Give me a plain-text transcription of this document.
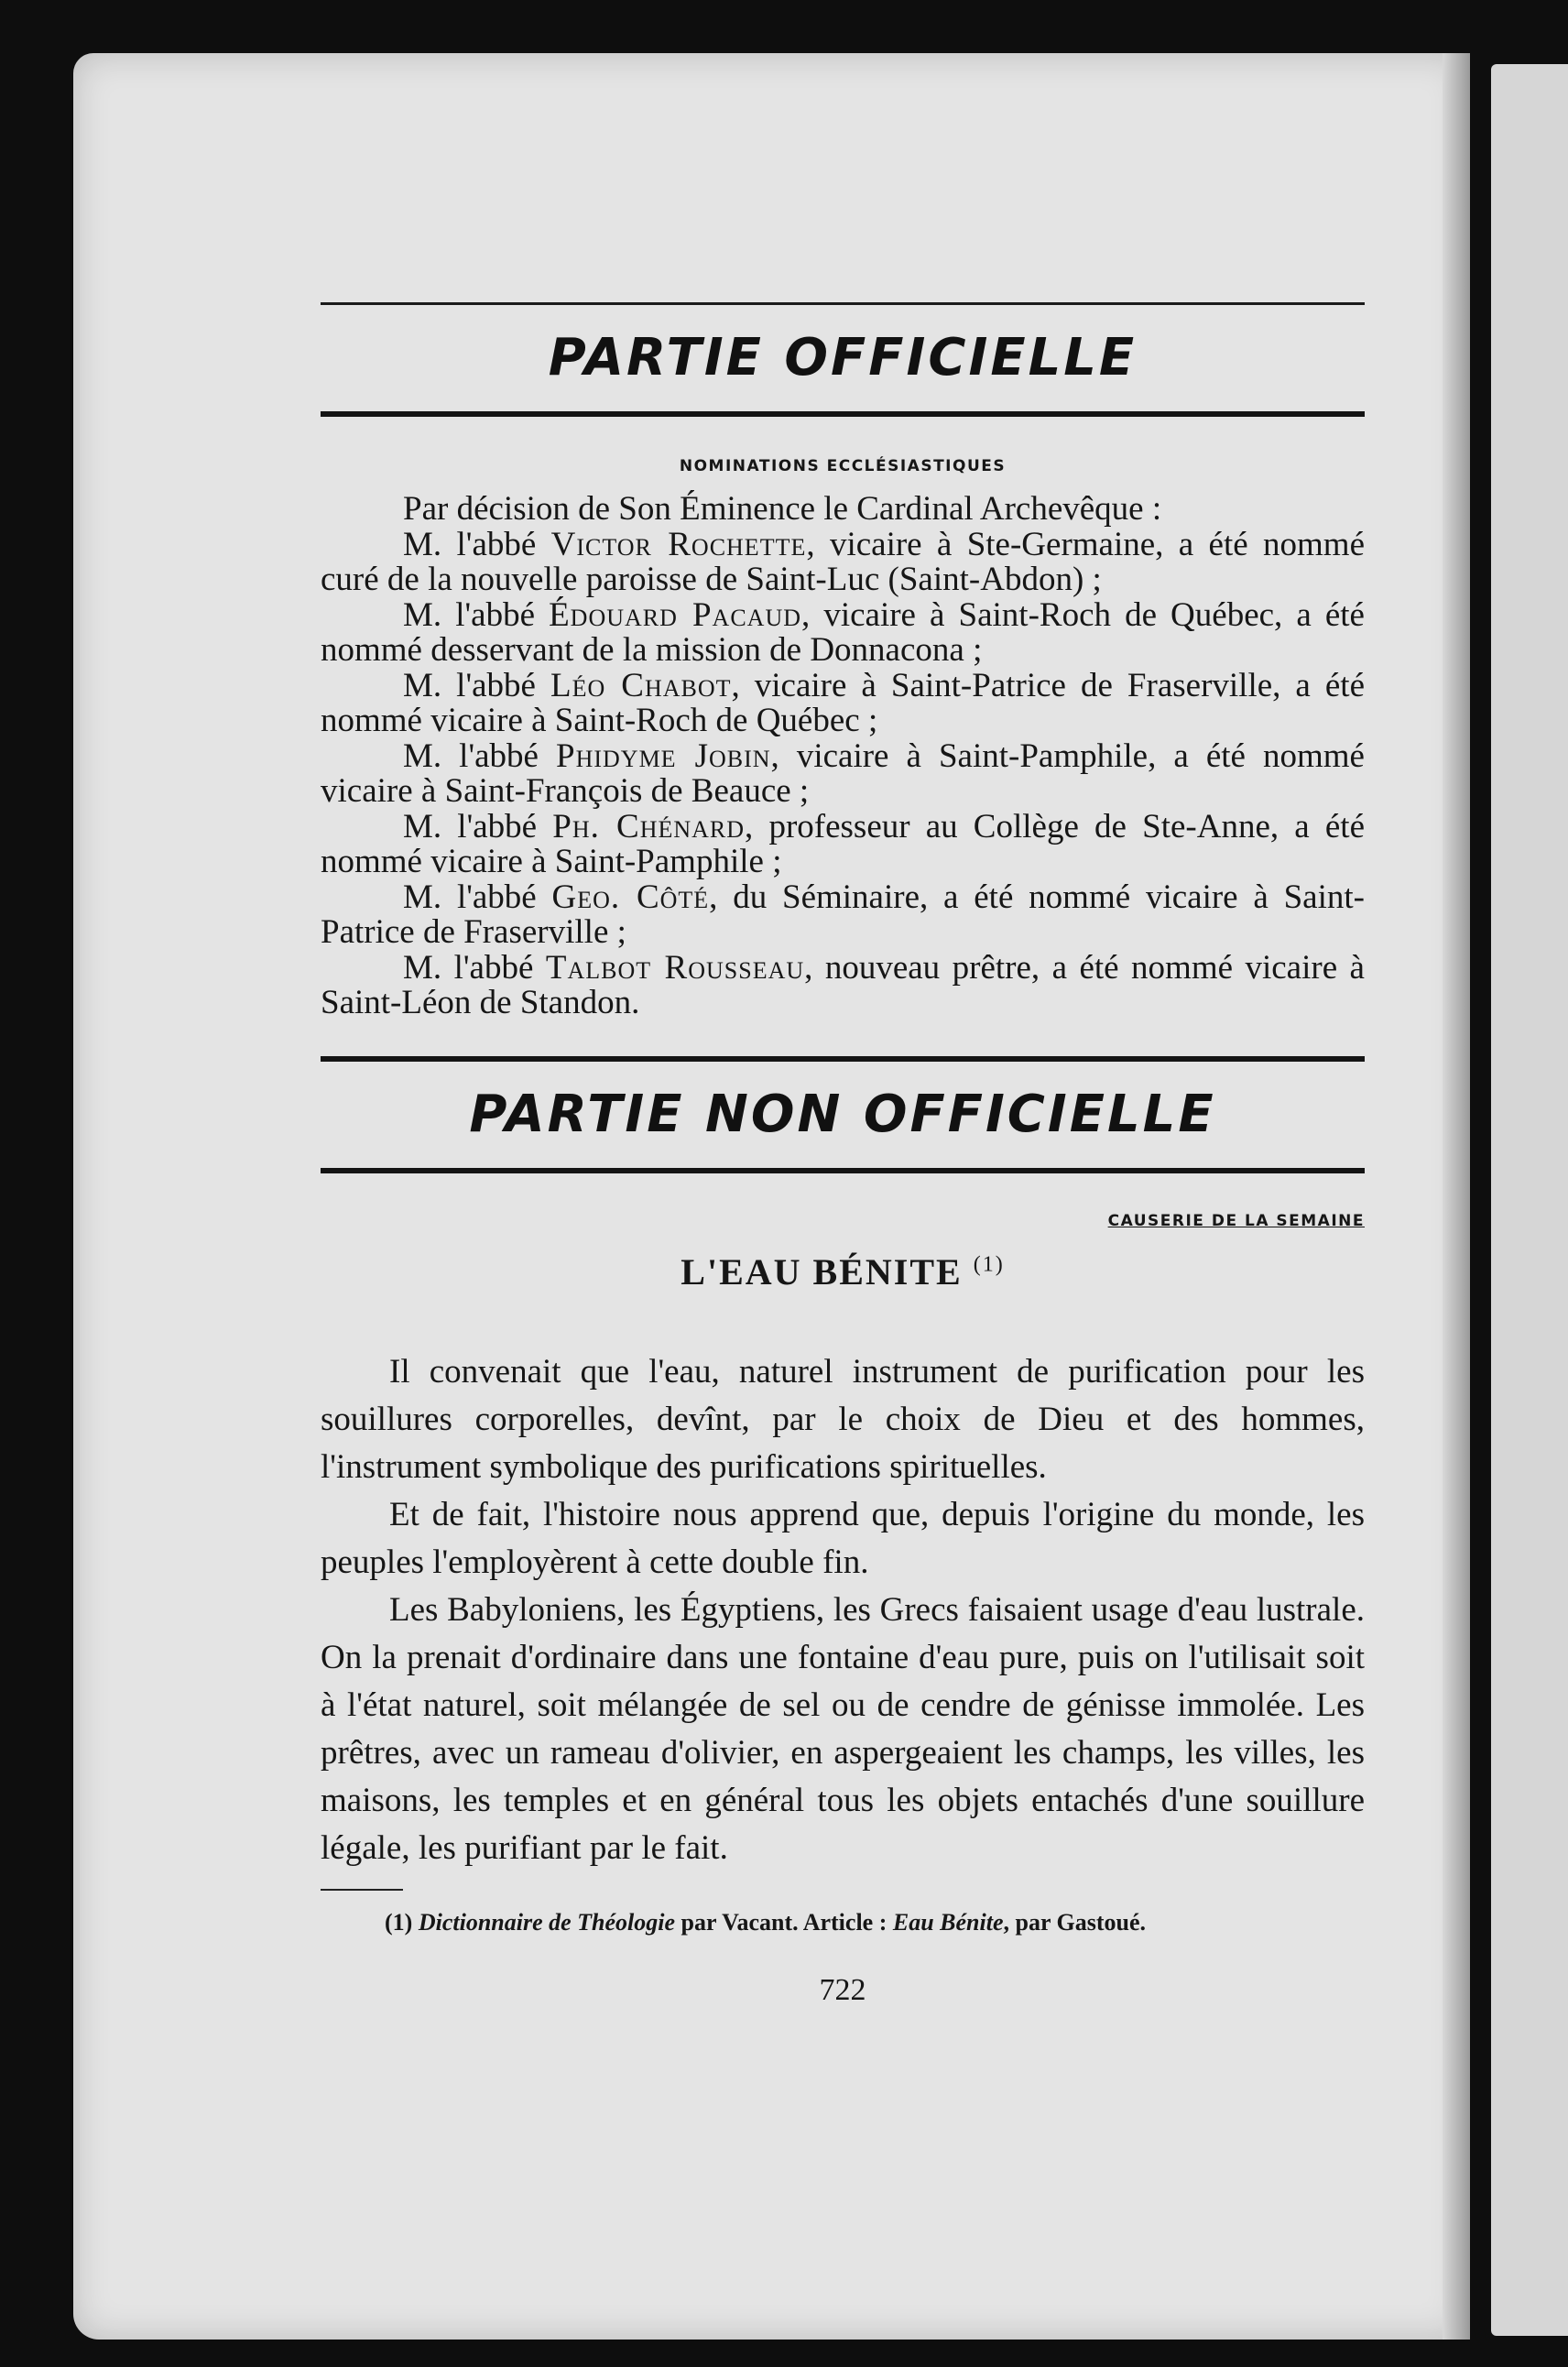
PARTIE OFFICIELLE
NOMINATIONS ECCLÉSIASTIQUES

Par décision de Son Éminence le Cardinal Archevêque :

M. l'abbé Victor Rochette, vicaire à Ste-Germaine, a été nommé curé de la nouvelle paroisse de Saint-Luc (Saint-Abdon) ;

M. l'abbé Édouard Pacaud, vicaire à Saint-Roch de Québec, a été nommé desservant de la mission de Donnacona ;

M. l'abbé Léo Chabot, vicaire à Saint-Patrice de Fraserville, a été nommé vicaire à Saint-Roch de Québec ;

M. l'abbé Phidyme Jobin, vicaire à Saint-Pamphile, a été nommé vicaire à Saint-François de Beauce ;

M. l'abbé Ph. Chénard, professeur au Collège de Ste-Anne, a été nommé vicaire à Saint-Pamphile ;

M. l'abbé Geo. Côté, du Séminaire, a été nommé vicaire à Saint-Patrice de Fraserville ;

M. l'abbé Talbot Rousseau, nouveau prêtre, a été nommé vicaire à Saint-Léon de Standon.

PARTIE NON OFFICIELLE
CAUSERIE DE LA SEMAINE
L'EAU BÉNITE $^{(1)}$

Il convenait que l'eau, naturel instrument de purification pour les souillures corporelles, devînt, par le choix de Dieu et des hommes, l'instrument symbolique des purifications spirituelles.

Et de fait, l'histoire nous apprend que, depuis l'origine du monde, les peuples l'employèrent à cette double fin.

Les Babyloniens, les Égyptiens, les Grecs faisaient usage d'eau lustrale. On la prenait d'ordinaire dans une fontaine d'eau pure, puis on l'utilisait soit à l'état naturel, soit mélangée de sel ou de cendre de génisse immolée. Les prêtres, avec un rameau d'olivier, en aspergeaient les champs, les villes, les maisons, les temples et en général tous les objets entachés d'une souillure légale, les purifiant par le fait.

(1) Dictionnaire de Théologie par Vacant. Article : Eau Bénite, par Gastoué.

722
